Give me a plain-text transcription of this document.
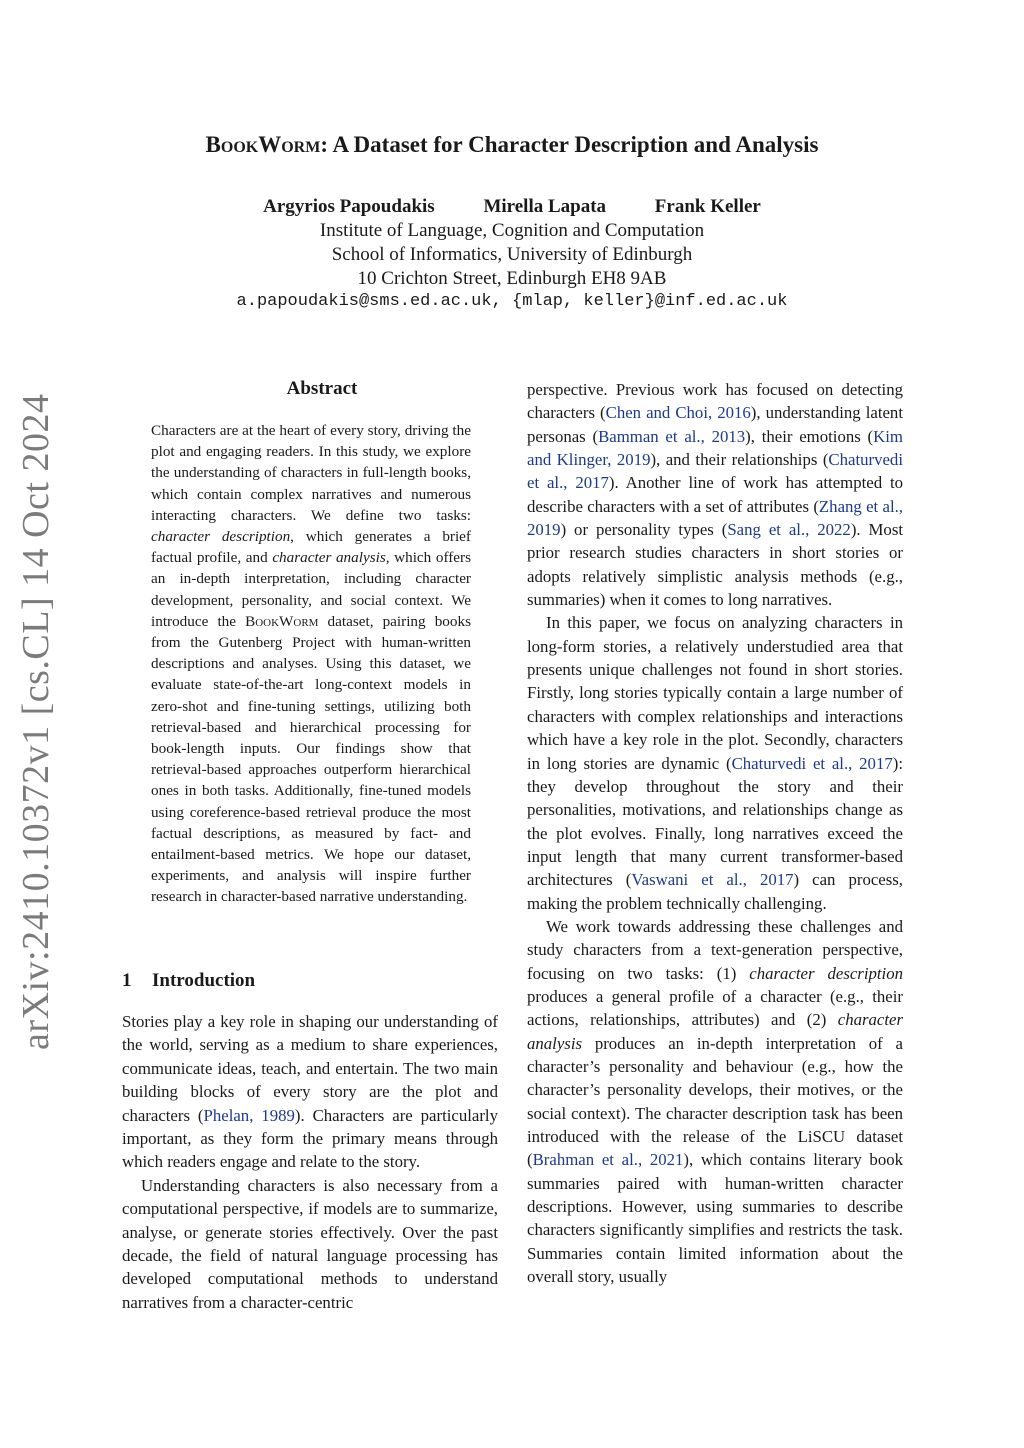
arXiv:2410.10372v1 [cs.CL] 14 Oct 2024
BookWorm: A Dataset for Character Description and Analysis
Argyrios Papoudakis	Mirella Lapata	Frank Keller
Institute of Language, Cognition and Computation
School of Informatics, University of Edinburgh
10 Crichton Street, Edinburgh EH8 9AB
a.papoudakis@sms.ed.ac.uk, {mlap, keller}@inf.ed.ac.uk
Abstract
Characters are at the heart of every story, driving the plot and engaging readers. In this study, we explore the understanding of characters in full-length books, which contain complex narratives and numerous interacting characters. We define two tasks: character description, which generates a brief factual profile, and character analysis, which offers an in-depth interpretation, including character development, personality, and social context. We introduce the BookWorm dataset, pairing books from the Gutenberg Project with human-written descriptions and analyses. Using this dataset, we evaluate state-of-the-art long-context models in zero-shot and fine-tuning settings, utilizing both retrieval-based and hierarchical processing for book-length inputs. Our findings show that retrieval-based approaches outperform hierarchical ones in both tasks. Additionally, fine-tuned models using coreference-based retrieval produce the most factual descriptions, as measured by fact- and entailment-based metrics. We hope our dataset, experiments, and analysis will inspire further research in character-based narrative understanding.
1 Introduction

Stories play a key role in shaping our understanding of the world, serving as a medium to share experiences, communicate ideas, teach, and entertain. The two main building blocks of every story are the plot and characters (Phelan, 1989). Characters are particularly important, as they form the primary means through which readers engage and relate to the story.

Understanding characters is also necessary from a computational perspective, if models are to summarize, analyse, or generate stories effectively. Over the past decade, the field of natural language processing has developed computational methods to understand narratives from a character-centric

perspective. Previous work has focused on detecting characters (Chen and Choi, 2016), understanding latent personas (Bamman et al., 2013), their emotions (Kim and Klinger, 2019), and their relationships (Chaturvedi et al., 2017). Another line of work has attempted to describe characters with a set of attributes (Zhang et al., 2019) or personality types (Sang et al., 2022). Most prior research studies characters in short stories or adopts relatively simplistic analysis methods (e.g., summaries) when it comes to long narratives.

In this paper, we focus on analyzing characters in long-form stories, a relatively understudied area that presents unique challenges not found in short stories. Firstly, long stories typically contain a large number of characters with complex relationships and interactions which have a key role in the plot. Secondly, characters in long stories are dynamic (Chaturvedi et al., 2017): they develop throughout the story and their personalities, motivations, and relationships change as the plot evolves. Finally, long narratives exceed the input length that many current transformer-based architectures (Vaswani et al., 2017) can process, making the problem technically challenging.

We work towards addressing these challenges and study characters from a text-generation perspective, focusing on two tasks: (1) character description produces a general profile of a character (e.g., their actions, relationships, attributes) and (2) character analysis produces an in-depth interpretation of a character’s personality and behaviour (e.g., how the character’s personality develops, their motives, or the social context). The character description task has been introduced with the release of the LiSCU dataset (Brahman et al., 2021), which contains literary book summaries paired with human-written character descriptions. However, using summaries to describe characters significantly simplifies and restricts the task. Summaries contain limited information about the overall story, usually
